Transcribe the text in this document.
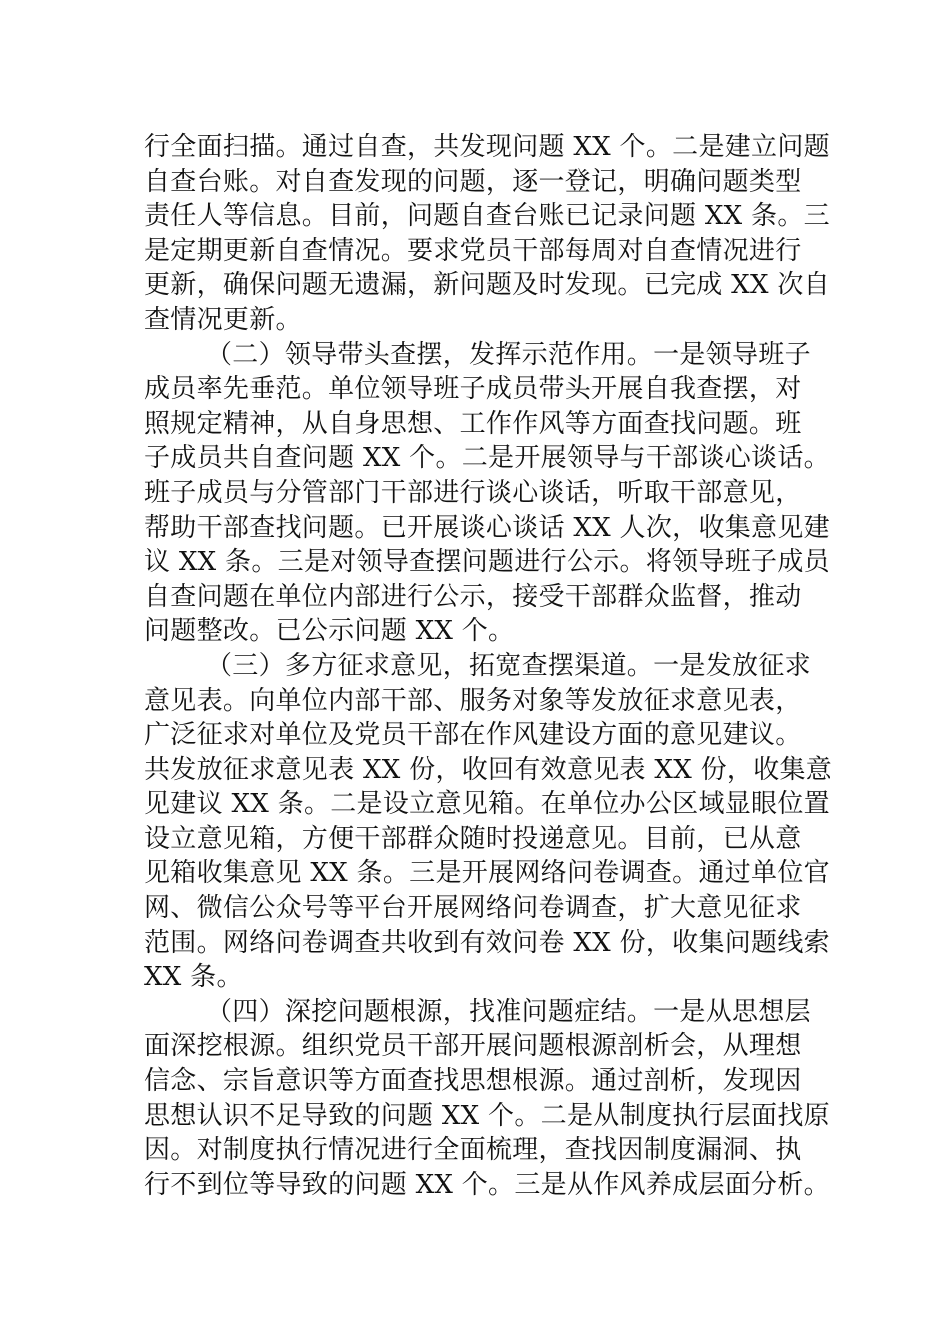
行全面扫描。通过自查，共发现问题 XX 个。二是建立问题
自查台账。对自查发现的问题，逐一登记，明确问题类型
责任人等信息。目前，问题自查台账已记录问题 XX 条。三
是定期更新自查情况。要求党员干部每周对自查情况进行
更新，确保问题无遗漏，新问题及时发现。已完成 XX 次自
查情况更新。
（二）领导带头查摆，发挥示范作用。一是领导班子
成员率先垂范。单位领导班子成员带头开展自我查摆，对
照规定精神，从自身思想、工作作风等方面查找问题。班
子成员共自查问题 XX 个。二是开展领导与干部谈心谈话。
班子成员与分管部门干部进行谈心谈话，听取干部意见，
帮助干部查找问题。已开展谈心谈话 XX 人次，收集意见建
议 XX 条。三是对领导查摆问题进行公示。将领导班子成员
自查问题在单位内部进行公示，接受干部群众监督，推动
问题整改。已公示问题 XX 个。
（三）多方征求意见，拓宽查摆渠道。一是发放征求
意见表。向单位内部干部、服务对象等发放征求意见表，
广泛征求对单位及党员干部在作风建设方面的意见建议。
共发放征求意见表 XX 份，收回有效意见表 XX 份，收集意
见建议 XX 条。二是设立意见箱。在单位办公区域显眼位置
设立意见箱，方便干部群众随时投递意见。目前，已从意
见箱收集意见 XX 条。三是开展网络问卷调查。通过单位官
网、微信公众号等平台开展网络问卷调查，扩大意见征求
范围。网络问卷调查共收到有效问卷 XX 份，收集问题线索
XX 条。
（四）深挖问题根源，找准问题症结。一是从思想层
面深挖根源。组织党员干部开展问题根源剖析会，从理想
信念、宗旨意识等方面查找思想根源。通过剖析，发现因
思想认识不足导致的问题 XX 个。二是从制度执行层面找原
因。对制度执行情况进行全面梳理，查找因制度漏洞、执
行不到位等导致的问题 XX 个。三是从作风养成层面分析。
